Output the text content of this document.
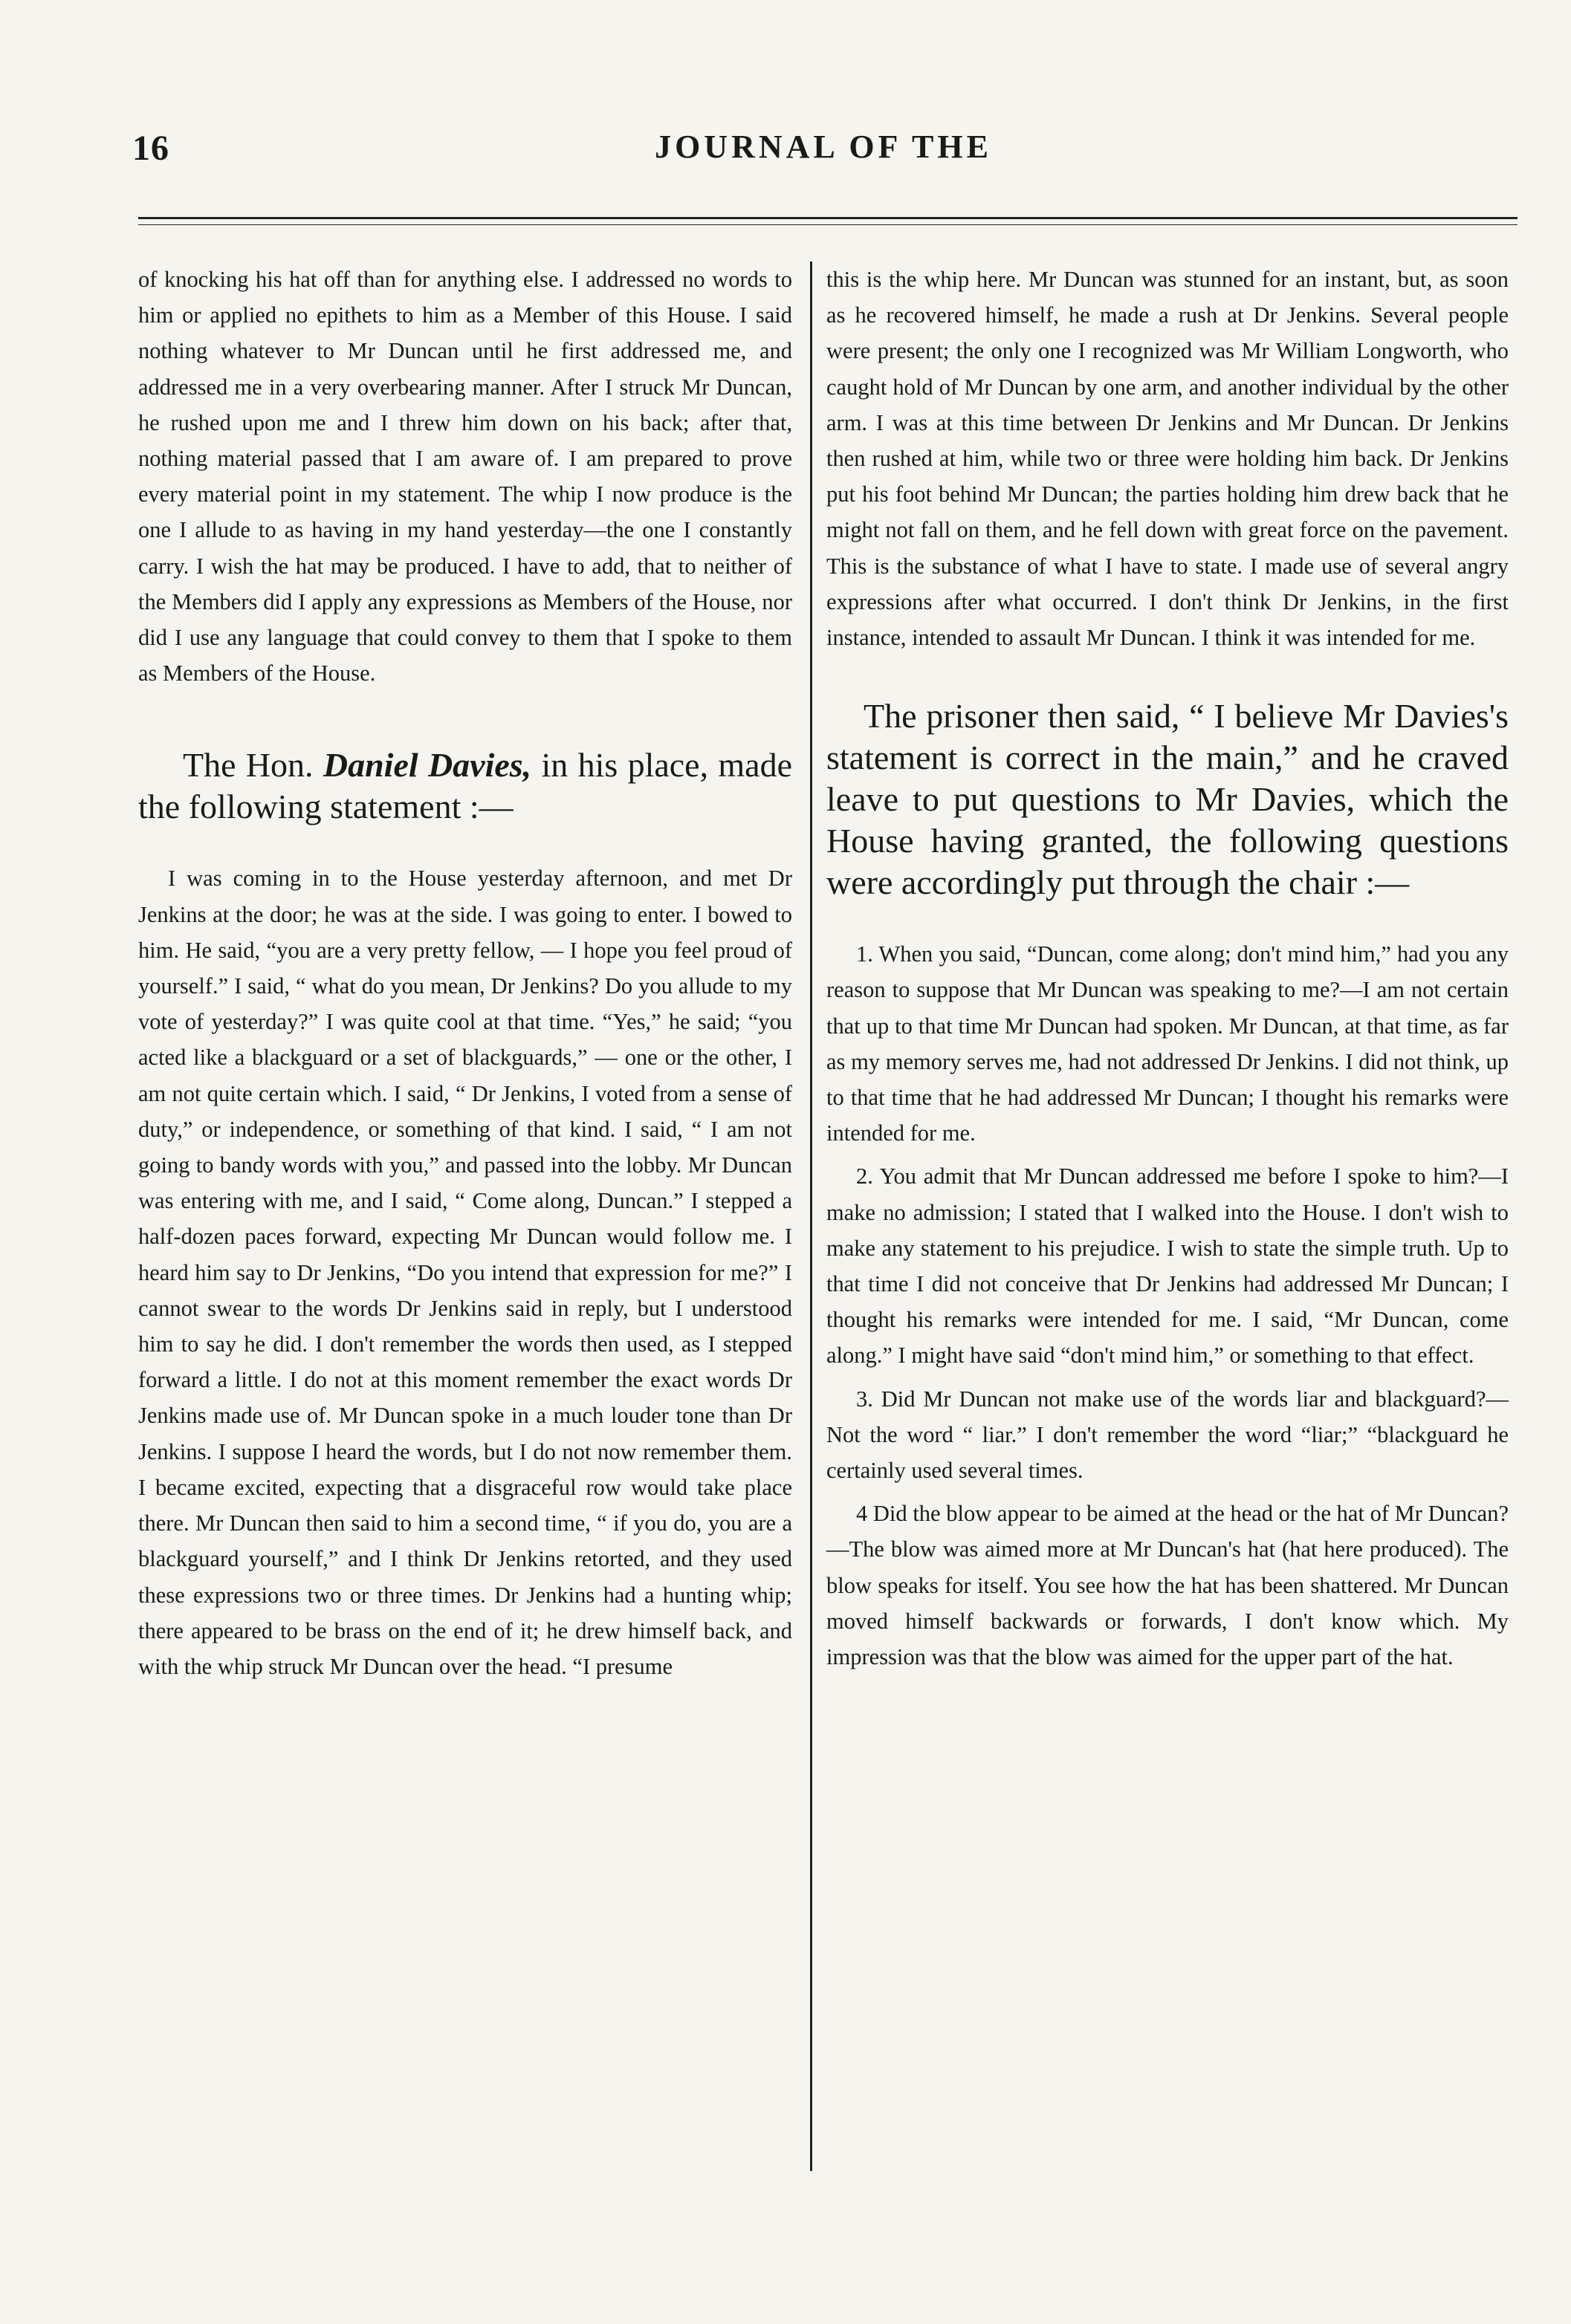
16	JOURNAL OF THE

of knocking his hat off than for anything else. I addressed no words to him or applied no epithets to him as a Member of this House. I said nothing whatever to Mr Duncan until he first addressed me, and addressed me in a very overbearing manner. After I struck Mr Duncan, he rushed upon me and I threw him down on his back; after that, nothing material passed that I am aware of. I am prepared to prove every material point in my statement. The whip I now produce is the one I allude to as having in my hand yesterday—the one I constantly carry. I wish the hat may be produced. I have to add, that to neither of the Members did I apply any expressions as Members of the House, nor did I use any language that could convey to them that I spoke to them as Members of the House.

The Hon. Daniel Davies, in his place, made the following statement :—

I was coming in to the House yesterday afternoon, and met Dr Jenkins at the door; he was at the side. I was going to enter. I bowed to him. He said, “you are a very pretty fellow, — I hope you feel proud of yourself.” I said, “ what do you mean, Dr Jenkins? Do you allude to my vote of yesterday?” I was quite cool at that time. “Yes,” he said; “you acted like a blackguard or a set of blackguards,” — one or the other, I am not quite certain which. I said, “ Dr Jenkins, I voted from a sense of duty,” or independence, or something of that kind. I said, “ I am not going to bandy words with you,” and passed into the lobby. Mr Duncan was entering with me, and I said, “ Come along, Duncan.” I stepped a half-dozen paces forward, expecting Mr Duncan would follow me. I heard him say to Dr Jenkins, “Do you intend that expression for me?” I cannot swear to the words Dr Jenkins said in reply, but I understood him to say he did. I don't remember the words then used, as I stepped forward a little. I do not at this moment remember the exact words Dr Jenkins made use of. Mr Duncan spoke in a much louder tone than Dr Jenkins. I suppose I heard the words, but I do not now remember them. I became excited, expecting that a disgraceful row would take place there. Mr Duncan then said to him a second time, “ if you do, you are a blackguard yourself,” and I think Dr Jenkins retorted, and they used these expressions two or three times. Dr Jenkins had a hunting whip; there appeared to be brass on the end of it; he drew himself back, and with the whip struck Mr Duncan over the head. “I presume

this is the whip here. Mr Duncan was stunned for an instant, but, as soon as he recovered himself, he made a rush at Dr Jenkins. Several people were present; the only one I recognized was Mr William Longworth, who caught hold of Mr Duncan by one arm, and another individual by the other arm. I was at this time between Dr Jenkins and Mr Duncan. Dr Jenkins then rushed at him, while two or three were holding him back. Dr Jenkins put his foot behind Mr Duncan; the parties holding him drew back that he might not fall on them, and he fell down with great force on the pavement. This is the substance of what I have to state. I made use of several angry expressions after what occurred. I don't think Dr Jenkins, in the first instance, intended to assault Mr Duncan. I think it was intended for me.

The prisoner then said, “ I believe Mr Davies's statement is correct in the main,” and he craved leave to put questions to Mr Davies, which the House having granted, the following questions were accordingly put through the chair :—

1. When you said, “Duncan, come along; don't mind him,” had you any reason to suppose that Mr Duncan was speaking to me?—I am not certain that up to that time Mr Duncan had spoken. Mr Duncan, at that time, as far as my memory serves me, had not addressed Dr Jenkins. I did not think, up to that time that he had addressed Mr Duncan; I thought his remarks were intended for me.

2. You admit that Mr Duncan addressed me before I spoke to him?—I make no admission; I stated that I walked into the House. I don't wish to make any statement to his prejudice. I wish to state the simple truth. Up to that time I did not conceive that Dr Jenkins had addressed Mr Duncan; I thought his remarks were intended for me. I said, “Mr Duncan, come along.” I might have said “don't mind him,” or something to that effect.

3. Did Mr Duncan not make use of the words liar and blackguard?—Not the word “ liar.” I don't remember the word “liar;” “blackguard he certainly used several times.

4 Did the blow appear to be aimed at the head or the hat of Mr Duncan?—The blow was aimed more at Mr Duncan's hat (hat here produced). The blow speaks for itself. You see how the hat has been shattered. Mr Duncan moved himself backwards or forwards, I don't know which. My impression was that the blow was aimed for the upper part of the hat.
